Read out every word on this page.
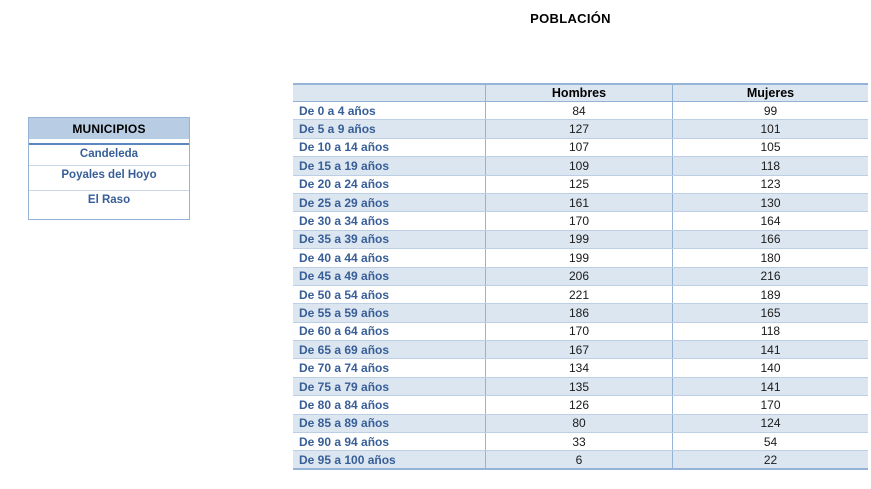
POBLACIÓN
MUNICIPIOS
Candeleda
Poyales del Hoyo
El Raso
Hombres	Mujeres
De 0 a 4 años	84	99
De 5 a 9 años	127	101
De 10 a 14 años	107	105
De 15 a 19 años	109	118
De 20 a 24 años	125	123
De 25 a 29 años	161	130
De 30 a 34 años	170	164
De 35 a 39 años	199	166
De 40 a 44 años	199	180
De 45 a 49 años	206	216
De 50 a 54 años	221	189
De 55 a 59 años	186	165
De 60 a 64 años	170	118
De 65 a 69 años	167	141
De 70 a 74 años	134	140
De 75 a 79 años	135	141
De 80 a 84 años	126	170
De 85 a 89 años	80	124
De 90 a 94 años	33	54
De 95 a 100 años	6	22
